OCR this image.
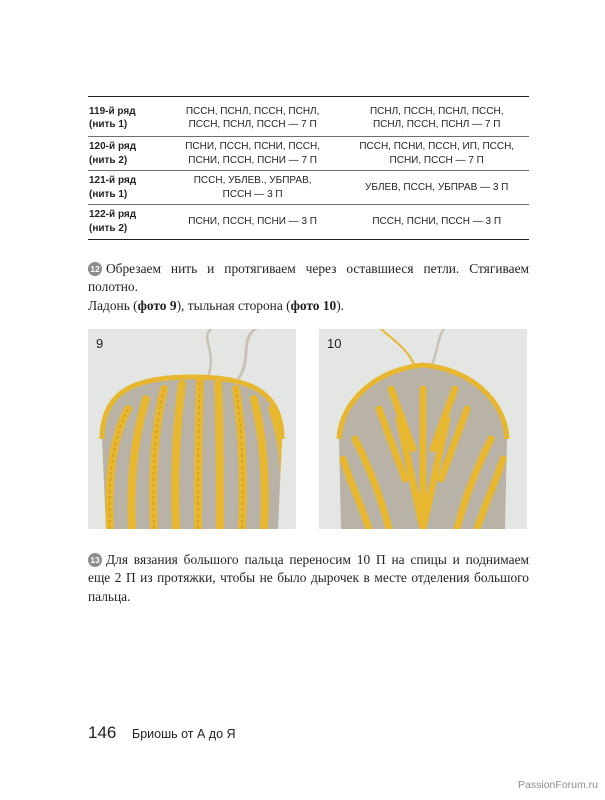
119-й ряд
(нить 1)
ПССН, ПСНЛ, ПССН, ПСНЛ,
ПССН, ПСНЛ, ПССН — 7 П
ПСНЛ, ПССН, ПСНЛ, ПССН,
ПСНЛ, ПССН, ПСНЛ — 7 П
120-й ряд
(нить 2)
ПСНИ, ПССН, ПСНИ, ПССН,
ПСНИ, ПССН, ПСНИ — 7 П
ПССН, ПСНИ, ПССН, ИП, ПССН,
ПСНИ, ПССН — 7 П
121-й ряд
(нить 1)
ПССН, УБЛЕВ., УБПРАВ,
ПССН — 3 П
УБЛЕВ, ПССН, УБПРАВ — 3 П
122-й ряд
(нить 2)
ПСНИ, ПССН, ПСНИ — 3 П	ПССН, ПСНИ, ПССН — 3 П
12 Обрезаем нить и протягиваем через оставшиеся петли. Стягиваем полотно.
Ладонь (фото 9), тыльная сторона (фото 10).
9	10
13 Для вязания большого пальца переносим 10 П на спицы и поднимаем еще 2 П из протяжки, чтобы не было дырочек в месте отделения большого пальца.
146 Бриошь от А до Я
PassionForum.ru
